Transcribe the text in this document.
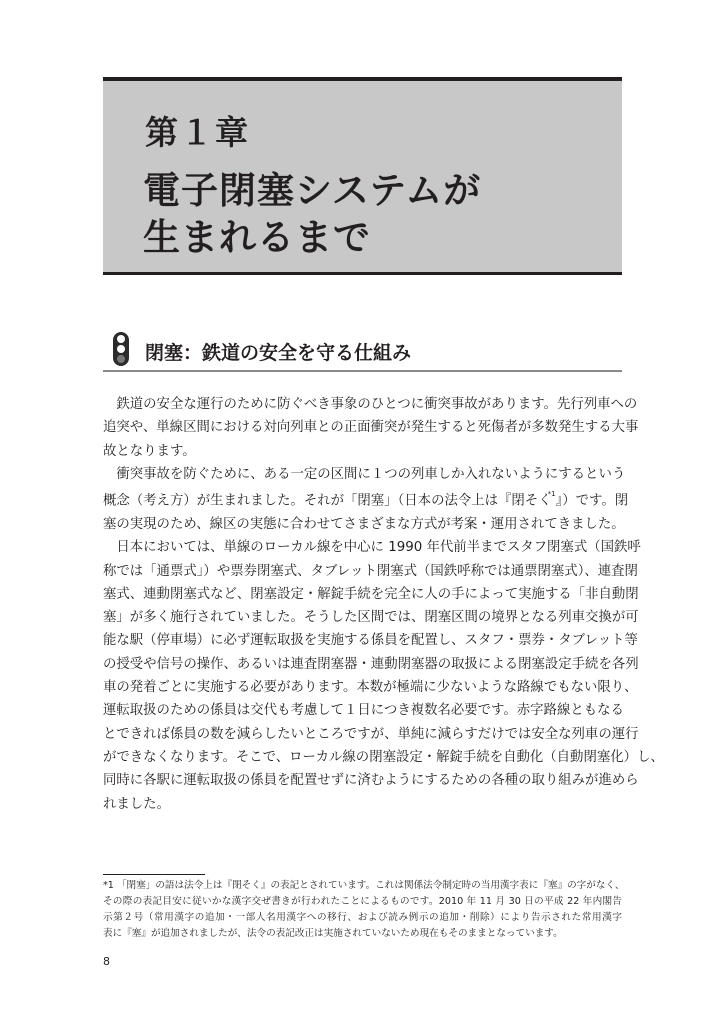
第１章
電子閉塞システムが
生まれるまで
閉塞：鉄道の安全を守る仕組み
　鉄道の安全な運行のために防ぐべき事象のひとつに衝突事故があります。先行列車への
追突や、単線区間における対向列車との正面衝突が発生すると死傷者が多数発生する大事
故となります。
　衝突事故を防ぐために、ある一定の区間に１つの列車しか入れないようにするという
概念（考え方）が生まれました。それが「閉塞」（日本の法令上は『閉そく$^{*1}$』）です。閉
塞の実現のため、線区の実態に合わせてさまざまな方式が考案・運用されてきました。
　日本においては、単線のローカル線を中心に 1990 年代前半までスタフ閉塞式（国鉄呼
称では「通票式」）や票券閉塞式、タブレット閉塞式（国鉄呼称では通票閉塞式）、連査閉
塞式、連動閉塞式など、閉塞設定・解錠手続を完全に人の手によって実施する「非自動閉
塞」が多く施行されていました。そうした区間では、閉塞区間の境界となる列車交換が可
能な駅（停車場）に必ず運転取扱を実施する係員を配置し、スタフ・票券・タブレット等
の授受や信号の操作、あるいは連査閉塞器・連動閉塞器の取扱による閉塞設定手続を各列
車の発着ごとに実施する必要があります。本数が極端に少ないような路線でもない限り、
運転取扱のための係員は交代も考慮して１日につき複数名必要です。赤字路線ともなる
とできれば係員の数を減らしたいところですが、単純に減らすだけでは安全な列車の運行
ができなくなります。そこで、ローカル線の閉塞設定・解錠手続を自動化（自動閉塞化）し、
同時に各駅に運転取扱の係員を配置せずに済むようにするための各種の取り組みが進めら
れました。
*1 「閉塞」の語は法令上は『閉そく』の表記とされています。これは関係法令制定時の当用漢字表に『塞』の字がなく、
その際の表記目安に従いかな漢字交ぜ書きが行われたことによるものです。2010 年 11 月 30 日の平成 22 年内閣告
示第２号（常用漢字の追加・一部人名用漢字への移行、および読み例示の追加・削除）により告示された常用漢字
表に『塞』が追加されましたが、法令の表記改正は実施されていないため現在もそのままとなっています。
8
